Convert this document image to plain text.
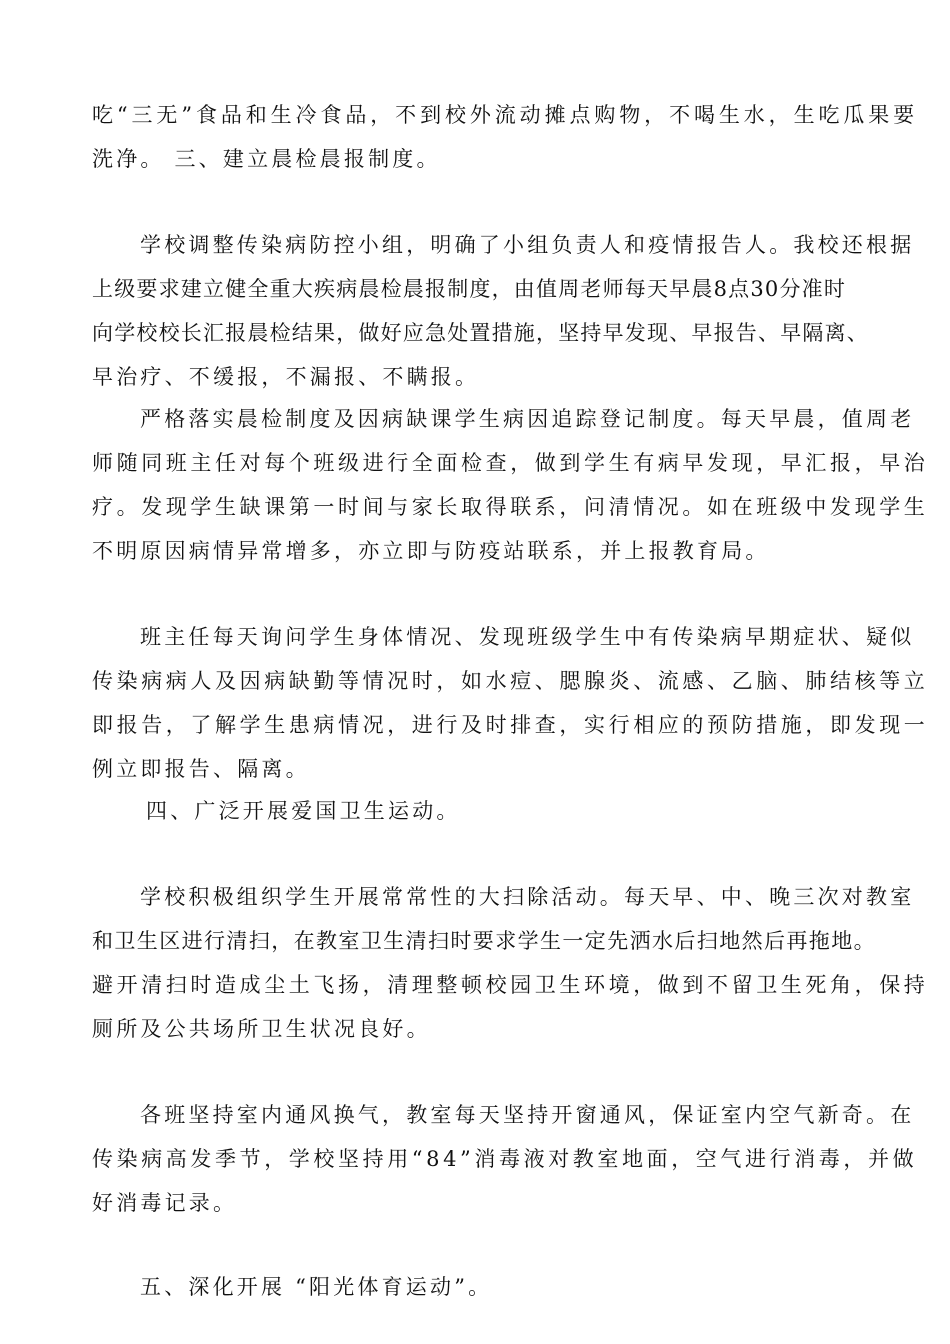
吃“三无”食品和生冷食品，不到校外流动摊点购物，不喝生水，生吃瓜果要
洗净。 三、建立晨检晨报制度。
学校调整传染病防控小组，明确了小组负责人和疫情报告人。我校还根据
上级要求建立健全重大疾病晨检晨报制度，由值周老师每天早晨8点30分准时
向学校校长汇报晨检结果，做好应急处置措施，坚持早发现、早报告、早隔离、
早治疗、不缓报，不漏报、不瞒报。
严格落实晨检制度及因病缺课学生病因追踪登记制度。每天早晨，值周老
师随同班主任对每个班级进行全面检查，做到学生有病早发现，早汇报，早治
疗。发现学生缺课第一时间与家长取得联系，问清情况。如在班级中发现学生
不明原因病情异常增多，亦立即与防疫站联系，并上报教育局。
班主任每天询问学生身体情况、发现班级学生中有传染病早期症状、疑似
传染病病人及因病缺勤等情况时，如水痘、腮腺炎、流感、乙脑、肺结核等立
即报告，了解学生患病情况，进行及时排查，实行相应的预防措施，即发现一
例立即报告、隔离。
四、广泛开展爱国卫生运动。
学校积极组织学生开展常常性的大扫除活动。每天早、中、晚三次对教室
和卫生区进行清扫，在教室卫生清扫时要求学生一定先洒水后扫地然后再拖地。
避开清扫时造成尘土飞扬，清理整顿校园卫生环境，做到不留卫生死角，保持
厕所及公共场所卫生状况良好。
各班坚持室内通风换气，教室每天坚持开窗通风，保证室内空气新奇。在
传染病高发季节，学校坚持用“84”消毒液对教室地面，空气进行消毒，并做
好消毒记录。
五、深化开展 “阳光体育运动”。
